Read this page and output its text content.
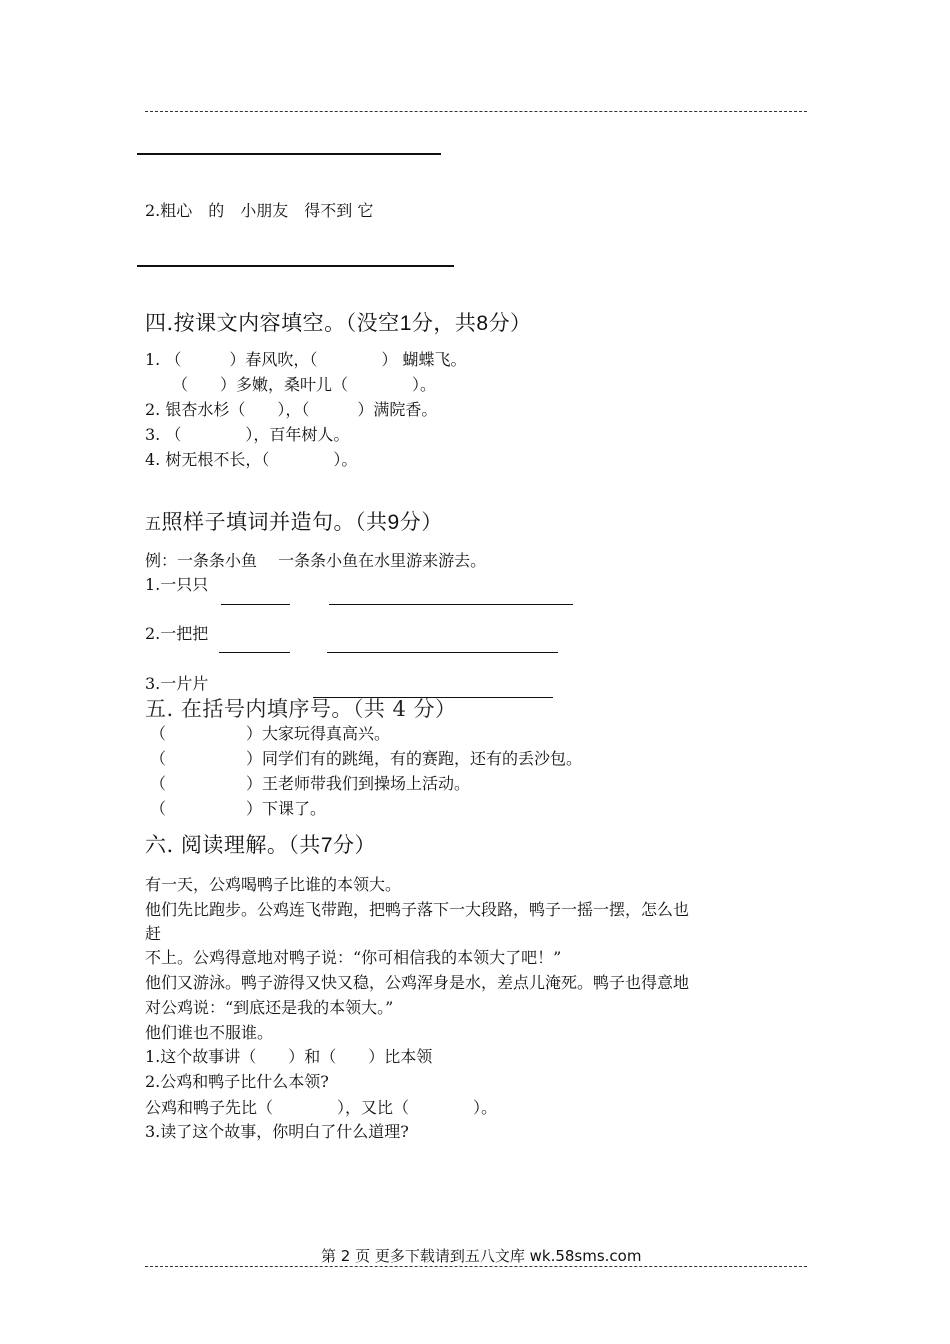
2.粗心　的　小朋友　得不到 它
四.按课文内容填空。（没空1分，共8分）
1. （　　　）春风吹，（　　　　） 蝴蝶飞。
（　　）多嫩，桑叶儿（　　　　）。
2. 银杏水杉（　　），（　　　）满院香。
3. （　　　　），百年树人。
4. 树无根不长，（　　　　）。
五照样子填词并造句。（共9分）
例：一条条小鱼　 一条条小鱼在水里游来游去。
1.一只只
2.一把把
3.一片片
五. 在括号内填序号。（共 4 分）
（　　　　　）大家玩得真高兴。
（　　　　　）同学们有的跳绳，有的赛跑，还有的丢沙包。
（　　　　　）王老师带我们到操场上活动。
（　　　　　）下课了。
六. 阅读理解。（共7分）
有一天，公鸡喝鸭子比谁的本领大。
他们先比跑步。公鸡连飞带跑，把鸭子落下一大段路，鸭子一摇一摆，怎么也
赶
不上。公鸡得意地对鸭子说：“你可相信我的本领大了吧！”
他们又游泳。鸭子游得又快又稳，公鸡浑身是水，差点儿淹死。鸭子也得意地
对公鸡说：“到底还是我的本领大。”
他们谁也不服谁。
1.这个故事讲（　　）和（　　）比本领
2.公鸡和鸭子比什么本领?
公鸡和鸭子先比（　　　　），又比（　　　　）。
3.读了这个故事，你明白了什么道理?
第 2 页 更多下载请到五八文库 wk.58sms.com
